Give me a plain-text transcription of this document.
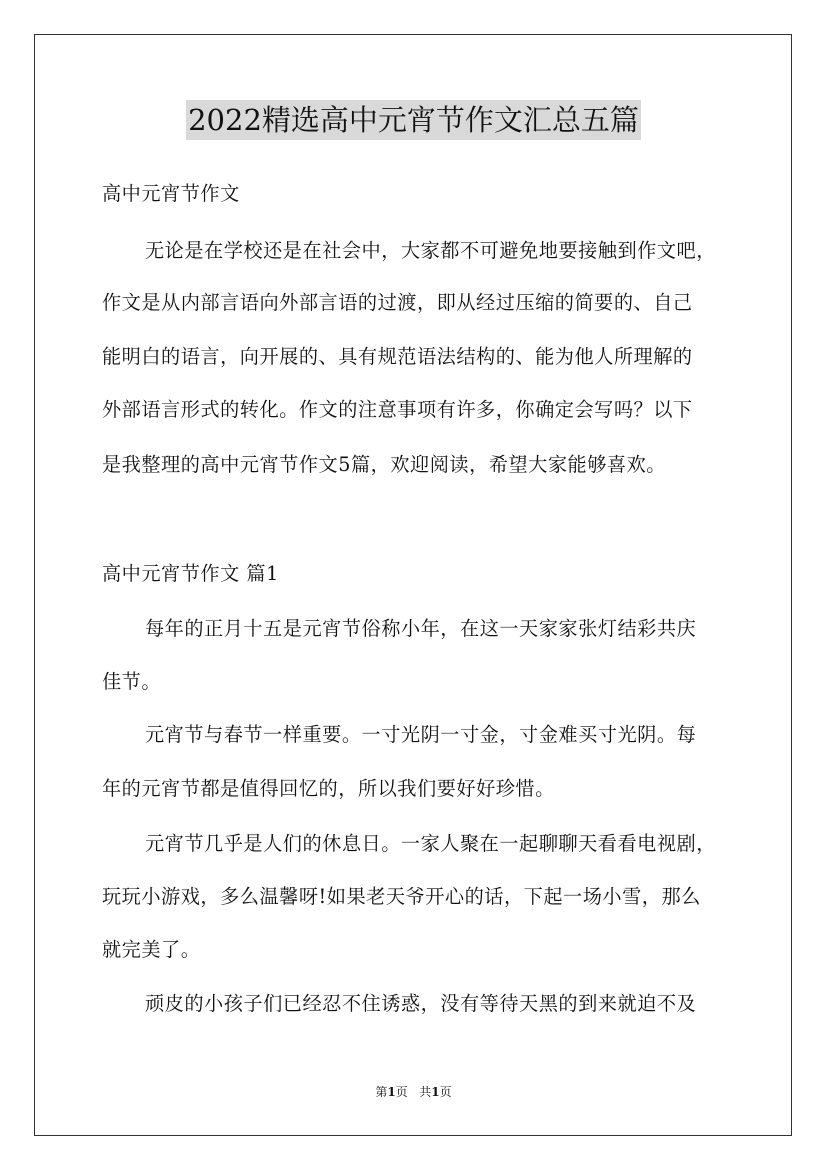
2022精选高中元宵节作文汇总五篇
高中元宵节作文
无论是在学校还是在社会中，大家都不可避免地要接触到作文吧，
作文是从内部言语向外部言语的过渡，即从经过压缩的简要的、自己
能明白的语言，向开展的、具有规范语法结构的、能为他人所理解的
外部语言形式的转化。作文的注意事项有许多，你确定会写吗？以下
是我整理的高中元宵节作文5篇，欢迎阅读，希望大家能够喜欢。
高中元宵节作文 篇1
每年的正月十五是元宵节俗称小年，在这一天家家张灯结彩共庆
佳节。
元宵节与春节一样重要。一寸光阴一寸金，寸金难买寸光阴。每
年的元宵节都是值得回忆的，所以我们要好好珍惜。
元宵节几乎是人们的休息日。一家人聚在一起聊聊天看看电视剧，
玩玩小游戏，多么温馨呀!如果老天爷开心的话，下起一场小雪，那么
就完美了。
顽皮的小孩子们已经忍不住诱惑，没有等待天黑的到来就迫不及
第1页 共1页
